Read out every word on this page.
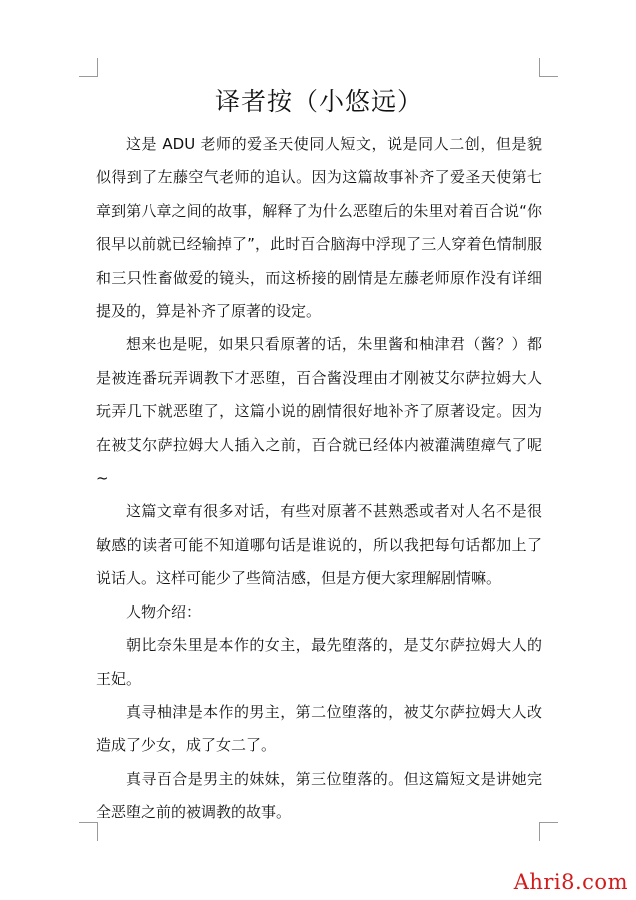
译者按（小悠远）

这是 ADU 老师的爱圣天使同人短文，说是同人二创，但是貌似得到了左藤空气老师的追认。因为这篇故事补齐了爱圣天使第七章到第八章之间的故事，解释了为什么恶堕后的朱里对着百合说“你很早以前就已经输掉了”，此时百合脑海中浮现了三人穿着色情制服和三只性畜做爱的镜头，而这桥接的剧情是左藤老师原作没有详细提及的，算是补齐了原著的设定。

想来也是呢，如果只看原著的话，朱里酱和柚津君（酱？）都是被连番玩弄调教下才恶堕，百合酱没理由才刚被艾尔萨拉姆大人玩弄几下就恶堕了，这篇小说的剧情很好地补齐了原著设定。因为在被艾尔萨拉姆大人插入之前，百合就已经体内被灌满堕瘴气了呢~

这篇文章有很多对话，有些对原著不甚熟悉或者对人名不是很敏感的读者可能不知道哪句话是谁说的，所以我把每句话都加上了说话人。这样可能少了些简洁感，但是方便大家理解剧情嘛。

人物介绍：

朝比奈朱里是本作的女主，最先堕落的，是艾尔萨拉姆大人的王妃。

真寻柚津是本作的男主，第二位堕落的，被艾尔萨拉姆大人改造成了少女，成了女二了。

真寻百合是男主的妹妹，第三位堕落的。但这篇短文是讲她完全恶堕之前的被调教的故事。

Ahri8.com
